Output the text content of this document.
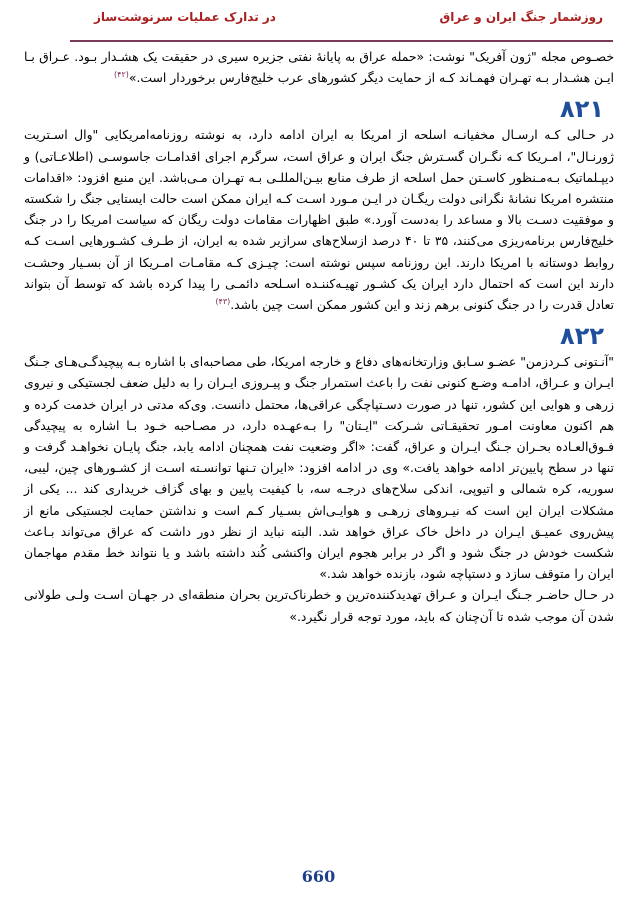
روزشمار جنگ ایران و عراق
در تدارک عملیات سرنوشت‌ساز

خصـوص مجله "ژون آفریک" نوشت: «حمله عراق به پایانهٔ نفتی جزیره سیری در حقیقت یک هشـدار بـود. عـراق بـا ایـن هشـدار بـه تهـران فهمـاند کـه از حمایت دیگر کشورهای عرب خلیج‌فارس برخوردار است.»$^{(۴۲)}$

۸۲۱

در حـالی کـه ارسـال مخفیانـه اسلحه از امریکا به ایران ادامه دارد، به نوشته روزنامه‌امریکایی "وال اسـتریت ژورنـال"، امـریکا کـه نگـران گسـترش جنگ ایران و عراق است، سرگرم اجرای اقدامـات جاسوسـی (اطلاعـاتی) و دیپـلماتیک بـه‌مـنظور کاسـتن حمل اسلحه از طرف منابع بیـن‌المللـی بـه تهـران مـی‌باشد. این منبع افزود: «اقدامات منتشره امریکا نشانهٔ نگرانی دولت ریگـان در ایـن مـورد اسـت کـه ایران ممکن است حالت ایستایی جنگ را شکسته و موفقیت دسـت بالا و مساعد را به‌دست آورد.» طبق اظهارات مقامات دولت ریگان که سیاست امریکا را در جنگ خلیج‌فارس برنامه‌ریزی می‌کنند، ۳۵ تا ۴۰ درصد ازسلاح‌های سرازیر شده به ایران، از طـرف کشـورهایی اسـت کـه روابط دوستانه با امریکا دارند. این روزنامه سپس نوشته است: چیـزی کـه مقامـات امـریکا از آن بسـیار وحشـت دارند این است که احتمال دارد ایران یک کشـور تهیـه‌کننـده اسـلحه دائمـی را پیدا کرده باشد که توسط آن بتواند تعادل قدرت را در جنگ کنونی برهم زند و این کشور ممکن است چین باشد.$^{(۴۳)}$

۸۲۲

"آنـتونی کـردزمن" عضـو سـابق وزارتخانه‌های دفاع و خارجه امریکا، طی مصاحبه‌ای با اشاره بـه پیچیدگـی‌هـای جـنگ ایـران و عـراق، ادامـه وضـع کنونی نفت را باعث استمرار جنگ و پیـروزی ایـران را به دلیل ضعف لجستیکی و نیروی زرهی و هوایی این کشور، تنها در صورت دسـتپاچگی عراقی‌ها، محتمل دانست. وی‌که مدتی در ایران خدمت کرده و هم اکنون معاونت امـور تحقیقـاتی شـرکت "ایـتان" را بـه‌عهـده دارد، در مصـاحبه خـود بـا اشاره به پیچیدگی فـوق‌العـاده بحـران جـنگ ایـران و عراق، گفت: «اگر وضعیت نفت همچنان ادامه یابد، جنگ پایـان نخواهـد گرفت و تنها در سطح پایین‌تر ادامه خواهد یافت.» وی در ادامه افزود: «ایران تـنها توانسـته اسـت از کشـورهای چین، لیبی، سوریه، کره شمالی و اتیوپی، اندکی سلاح‌های درجـه سه، با کیفیت پایین و بهای گزاف خریداری کند ... یکی از مشکلات ایران این است که نیـروهای زرهـی و هوایـی‌اش بسـیار کـم است و نداشتن حمایت لجستیکی مانع از پیش‌روی عمیـق ایـران در داخل خاک عراق خواهد شد. البته نباید از نظر دور داشت که عراق می‌تواند بـاعث شکست خودش در جنگ شود و اگر در برابر هجوم ایران واکنشی کُند داشته باشد و یا نتواند خط مقدم مهاجمان ایران را متوقف سازد و دستپاچه شود، بازنده خواهد شد.»

در حـال حاضـر جـنگ ایـران و عـراق تهدیدکننده‌ترین و خطرناک‌ترین بحران منطقه‌ای در جهـان اسـت ولـی طولانی شدن آن موجب شده تا آن‌چنان که باید، مورد توجه قرار نگیرد.»

660
